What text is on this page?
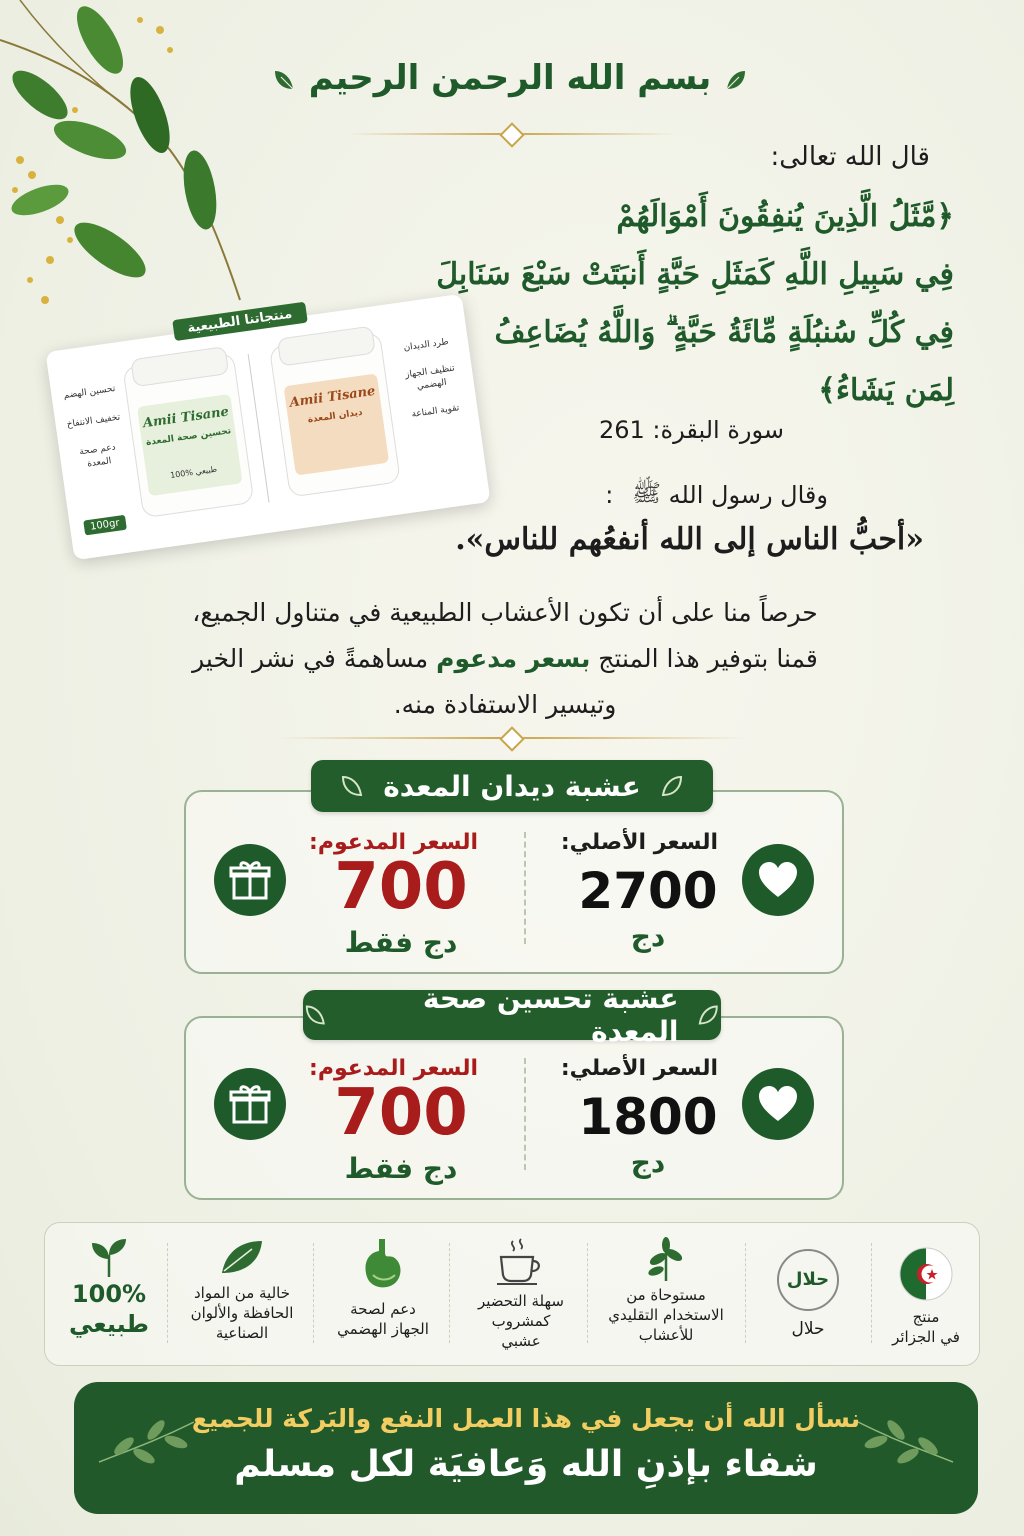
بسم الله الرحمن الرحيم
قال الله تعالى:
﴿مَّثَلُ الَّذِينَ يُنفِقُونَ أَمْوَالَهُمْ
فِي سَبِيلِ اللَّهِ كَمَثَلِ حَبَّةٍ أَنبَتَتْ سَبْعَ سَنَابِلَ
فِي كُلِّ سُنبُلَةٍ مِّائَةُ حَبَّةٍ ۗ وَاللَّهُ يُضَاعِفُ
لِمَن يَشَاءُ﴾
سورة البقرة: 261
وقال رسول الله ﷺ :
«أحبُّ الناس إلى الله أنفعُهم للناس».
منتجاتنا الطبيعية
تحسين الهضم
تخفيف الانتفاخ
دعم صحة المعدة
Amii Tisane
تحسين صحة المعدة
100% طبيعي
Amii Tisane
ديدان المعدة
طرد الديدان
تنظيف الجهاز الهضمي
تقوية المناعة
100gr
حرصاً منا على أن تكون الأعشاب الطبيعية في متناول الجميع،
قمنا بتوفير هذا المنتج بسعر مدعوم مساهمةً في نشر الخير
وتيسير الاستفادة منه.
السعر الأصلي:
2700
دج
السعر المدعوم:
700
دج فقط
عشبة ديدان المعدة
السعر الأصلي:
1800
دج
السعر المدعوم:
700
دج فقط
عشبة تحسين صحة المعدة
منتج
في الجزائر
حلال
حلال
مستوحاة من
الاستخدام التقليدي
للأعشاب
سهلة التحضير
كمشروب
عشبي
دعم لصحة
الجهاز الهضمي
خالية من المواد
الحافظة والألوان
الصناعية
100%
طبيعي
نسأل الله أن يجعل في هذا العمل النفع والبَركة للجميع
شفاء بإذنِ الله وَعافيَة لكل مسلم
